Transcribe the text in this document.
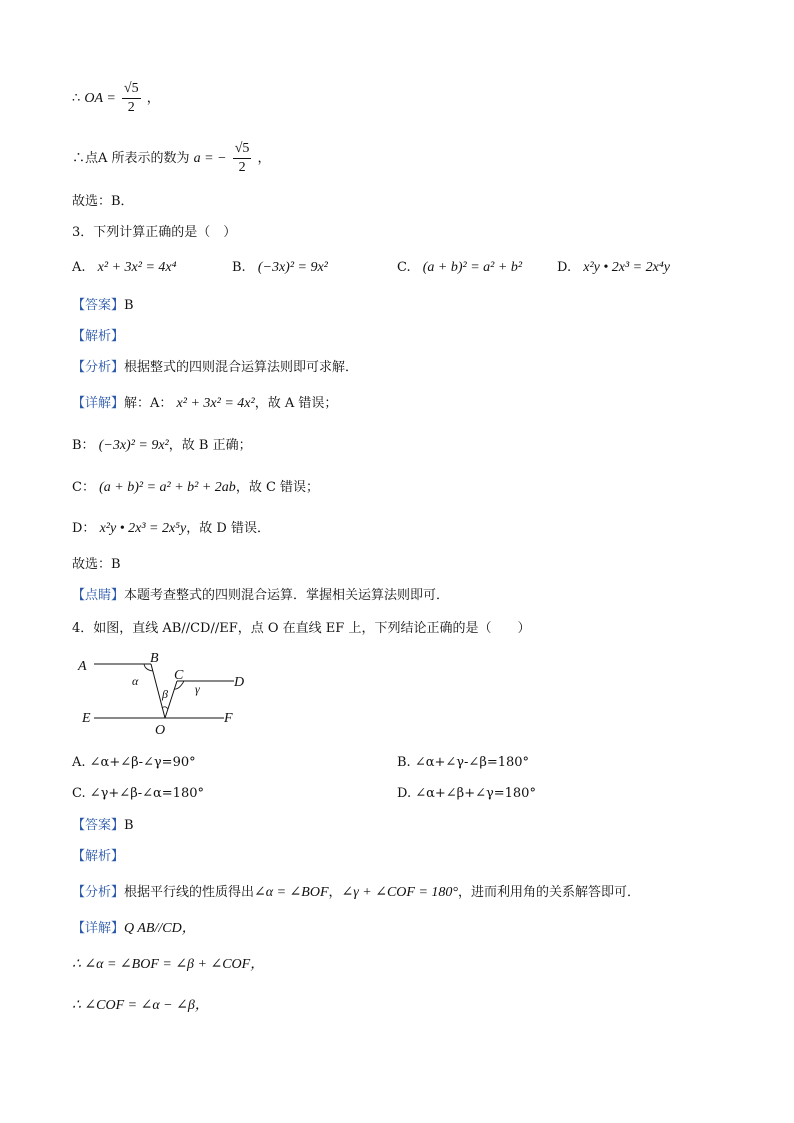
∴ OA = $\frac{√5}{2}$ ，
∴点A 所表示的数为 a = − $\frac{√5}{2}$ ，
故选：B．
3．下列计算正确的是（　）
A. x² + 3x² = 4x⁴	B. (−3x)² = 9x²	C. (a + b)² = a² + b²	D. x²y • 2x³ = 2x⁴y
【答案】B
【解析】
【分析】根据整式的四则混合运算法则即可求解．
【详解】解：A： x² + 3x² = 4x²，故 A 错误；
B： (−3x)² = 9x²，故 B 正确；
C： (a + b)² = a² + b² + 2ab，故 C 错误；
D： x²y • 2x³ = 2x⁵y，故 D 错误．
故选：B
【点睛】本题考查整式的四则混合运算．掌握相关运算法则即可．
4．如图，直线 AB//CD//EF，点 O 在直线 EF 上，下列结论正确的是（　　）
A
B
C	D
E	F
O
α
β γ
A. ∠α+∠β-∠γ=90°	B. ∠α+∠γ-∠β=180°
C. ∠γ+∠β-∠α=180°	D. ∠α+∠β+∠γ=180°
【答案】B
【解析】
【分析】根据平行线的性质得出∠α = ∠BOF，∠γ + ∠COF = 180°，进而利用角的关系解答即可．
【详解】Q AB//CD，
∴ ∠α = ∠BOF = ∠β + ∠COF，
∴ ∠COF = ∠α − ∠β，
